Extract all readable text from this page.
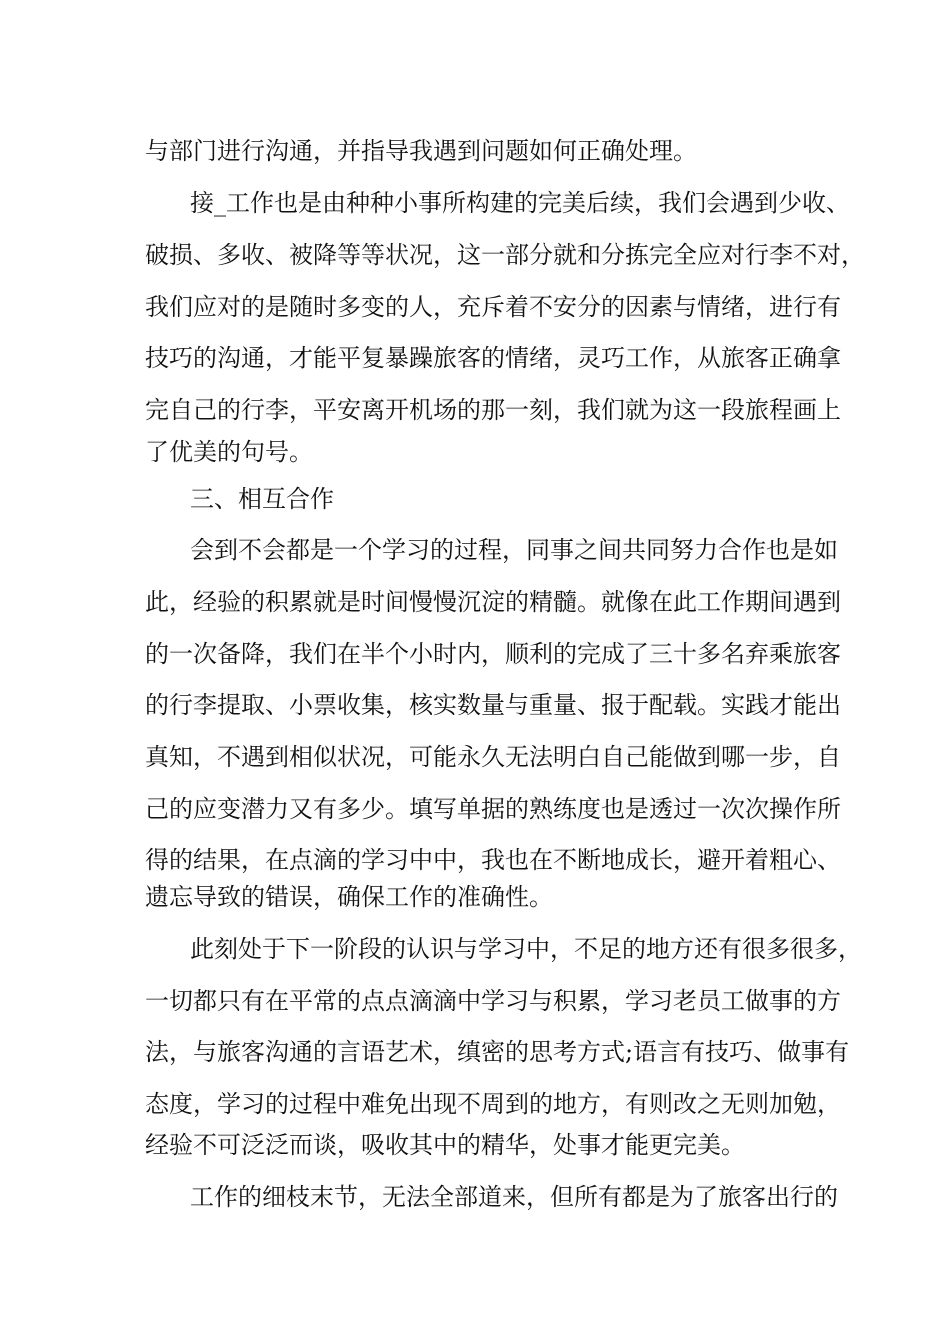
与部门进行沟通，并指导我遇到问题如何正确处理。
接_工作也是由种种小事所构建的完美后续，我们会遇到少收、
破损、多收、被降等等状况，这一部分就和分拣完全应对行李不对，
我们应对的是随时多变的人，充斥着不安分的因素与情绪，进行有
技巧的沟通，才能平复暴躁旅客的情绪，灵巧工作，从旅客正确拿
完自己的行李，平安离开机场的那一刻，我们就为这一段旅程画上
了优美的句号。
三、相互合作
会到不会都是一个学习的过程，同事之间共同努力合作也是如
此，经验的积累就是时间慢慢沉淀的精髓。就像在此工作期间遇到
的一次备降，我们在半个小时内，顺利的完成了三十多名弃乘旅客
的行李提取、小票收集，核实数量与重量、报于配载。实践才能出
真知，不遇到相似状况，可能永久无法明白自己能做到哪一步，自
己的应变潜力又有多少。填写单据的熟练度也是透过一次次操作所
得的结果，在点滴的学习中中，我也在不断地成长，避开着粗心、
遗忘导致的错误，确保工作的准确性。
此刻处于下一阶段的认识与学习中，不足的地方还有很多很多，
一切都只有在平常的点点滴滴中学习与积累，学习老员工做事的方
法，与旅客沟通的言语艺术，缜密的思考方式;语言有技巧、做事有
态度，学习的过程中难免出现不周到的地方，有则改之无则加勉，
经验不可泛泛而谈，吸收其中的精华，处事才能更完美。
工作的细枝末节，无法全部道来，但所有都是为了旅客出行的
